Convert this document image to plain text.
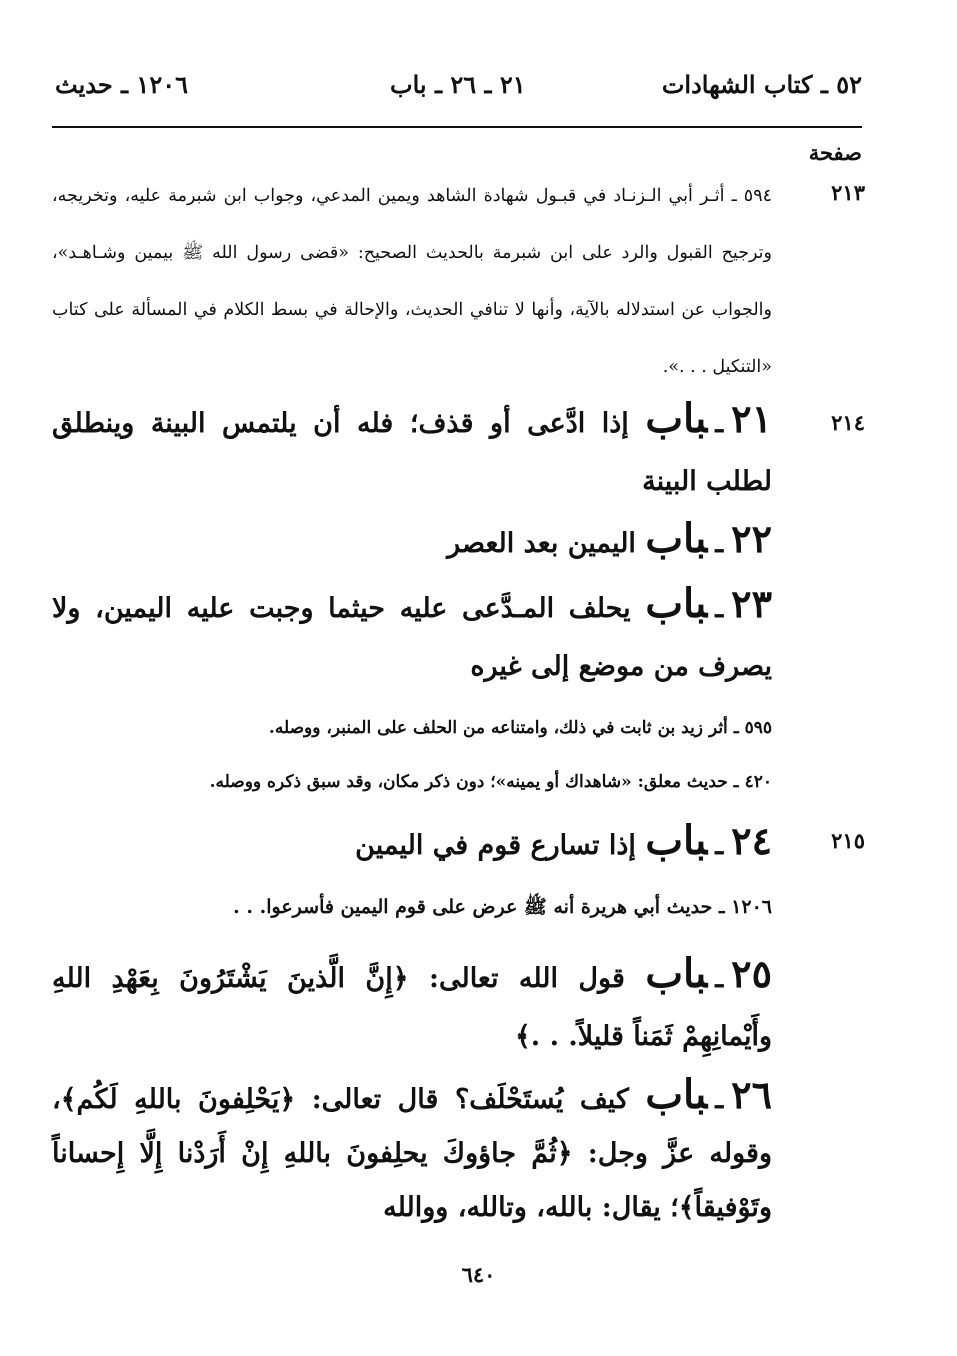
٥٢ ـ كتاب الشهادات
٢١ ـ ٢٦ ـ باب
١٢٠٦ ـ حديث
صفحة
٢١٣
٥٩٤ ـ أثـر أبي الـزنـاد في قبـول شهادة الشاهد ويمين المدعي، وجواب ابن شبرمة عليه، وتخريجه، وترجيح القبول والرد على ابن شبرمة بالحديث الصحيح: «قضى رسول الله ﷺ بيمين وشـاهـد»، والجواب عن استدلاله بالآية، وأنها لا تنافي الحديث، والإحالة في بسط الكلام في المسألة على كتاب «التنكيل . . .».
٢١٤
٢١ـباب إذا ادَّعى أو قذف؛ فله أن يلتمس البينة وينطلق لطلب البينة
٢٢ـباب اليمين بعد العصر
٢٣ـباب يحلف المـدَّعى عليه حيثما وجبت عليه اليمين، ولا يصرف من موضع إلى غيره
٥٩٥ ـ أثر زيد بن ثابت في ذلك، وامتناعه من الحلف على المنبر، ووصله.
٤٢٠ ـ حديث معلق: «شاهداك أو يمينه»؛ دون ذكر مكان، وقد سبق ذكره ووصله.
٢١٥
٢٤ـباب إذا تسارع قوم في اليمين
١٢٠٦ ـ حديث أبي هريرة أنه ﷺ عرض على قوم اليمين فأسرعوا. . .
٢٥ـباب قول الله تعالى: ﴿إِنَّ الَّذينَ يَشْتَرُونَ بِعَهْدِ اللهِ وأَيْمانِهِمْ ثَمَناً قليلاً. . .﴾
٢٦ـباب كيف يُستَحْلَف؟ قال تعالى: ﴿يَحْلِفونَ باللهِ لَكُم﴾، وقوله عزَّ وجل: ﴿ثُمَّ جاؤوكَ يحلِفونَ باللهِ إِنْ أَرَدْنا إِلَّا إِحساناً وتَوْفيقاً﴾؛ يقال: بالله، وتالله، ووالله
٦٤٠
